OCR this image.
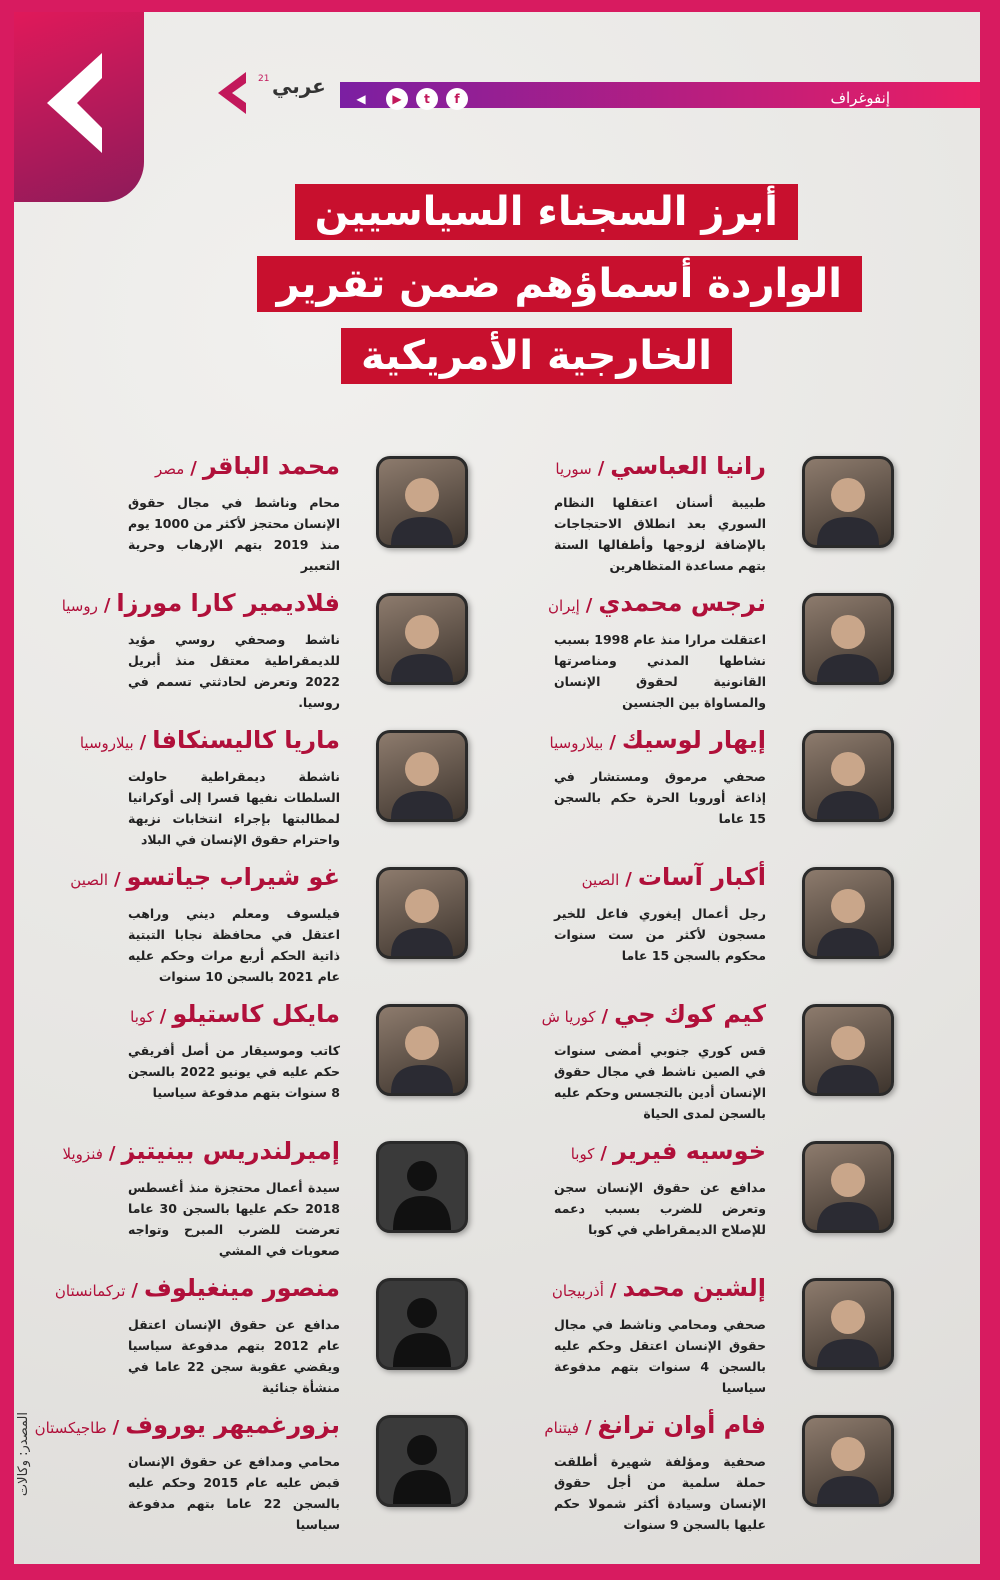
إنفوغراف
◀	▶	t	f
21 عربي
أبرز السجناء السياسيين
الواردة أسماؤهم ضمن تقرير
الخارجية الأمريكية
رانيا العباسي/سوريا
طبيبة أسنان اعتقلها النظام السوري بعد انطلاق الاحتجاجات بالإضافة لزوجها وأطفالها الستة بتهم مساعدة المتظاهرين
محمد الباقر/مصر
محام وناشط في مجال حقوق الإنسان محتجز لأكثر من 1000 يوم منذ 2019 بتهم الإرهاب وحرية التعبير
نرجس محمدي/إيران
اعتقلت مرارا منذ عام 1998 بسبب نشاطها المدني ومناصرتها القانونية لحقوق الإنسان والمساواة بين الجنسين
فلاديمير كارا مورزا/روسيا
ناشط وصحفي روسي مؤيد للديمقراطية معتقل منذ أبريل 2022 وتعرض لحادثتي تسمم في روسيا.
إيهار لوسيك/بيلاروسيا
صحفي مرموق ومستشار في إذاعة أوروبا الحرة حكم بالسجن 15 عاما
ماريا كاليسنكافا/بيلاروسيا
ناشطة ديمقراطية حاولت السلطات نفيها قسرا إلى أوكرانيا لمطالبتها بإجراء انتخابات نزيهة واحترام حقوق الإنسان في البلاد
أكبار آسات/الصين
رجل أعمال إيغوري فاعل للخير مسجون لأكثر من ست سنوات محكوم بالسجن 15 عاما
غو شيراب جياتسو/الصين
فيلسوف ومعلم ديني وراهب اعتقل في محافظة نجابا التبتية ذاتية الحكم أربع مرات وحكم عليه عام 2021 بالسجن 10 سنوات
كيم كوك جي/كوريا ش
قس كوري جنوبي أمضى سنوات في الصين ناشط في مجال حقوق الإنسان أدين بالتجسس وحكم عليه بالسجن لمدى الحياة
مايكل كاستيلو/كوبا
كاتب وموسيقار من أصل أفريقي حكم عليه في يونيو 2022 بالسجن 8 سنوات بتهم مدفوعة سياسيا
خوسيه فيرير/كوبا
مدافع عن حقوق الإنسان سجن وتعرض للضرب بسبب دعمه للإصلاح الديمقراطي في كوبا
إميرلندريس بينيتيز/فنزويلا
سيدة أعمال محتجزة منذ أغسطس 2018 حكم عليها بالسجن 30 عاما تعرضت للضرب المبرح وتواجه صعوبات في المشي
إلشين محمد/أذربيجان
صحفي ومحامي وناشط في مجال حقوق الإنسان اعتقل وحكم عليه بالسجن 4 سنوات بتهم مدفوعة سياسيا
منصور مينغيلوف/تركمانستان
مدافع عن حقوق الإنسان اعتقل عام 2012 بتهم مدفوعة سياسيا ويقضي عقوبة سجن 22 عاما في منشأة جنائية
فام أوان ترانغ/فيتنام
صحفية ومؤلفة شهيرة أطلقت حملة سلمية من أجل حقوق الإنسان وسيادة أكثر شمولا حكم عليها بالسجن 9 سنوات
بزورغميهر يوروف/طاجيكستان
محامي ومدافع عن حقوق الإنسان قبض عليه عام 2015 وحكم عليه بالسجن 22 عاما بتهم مدفوعة سياسيا
المصدر: وكالات
